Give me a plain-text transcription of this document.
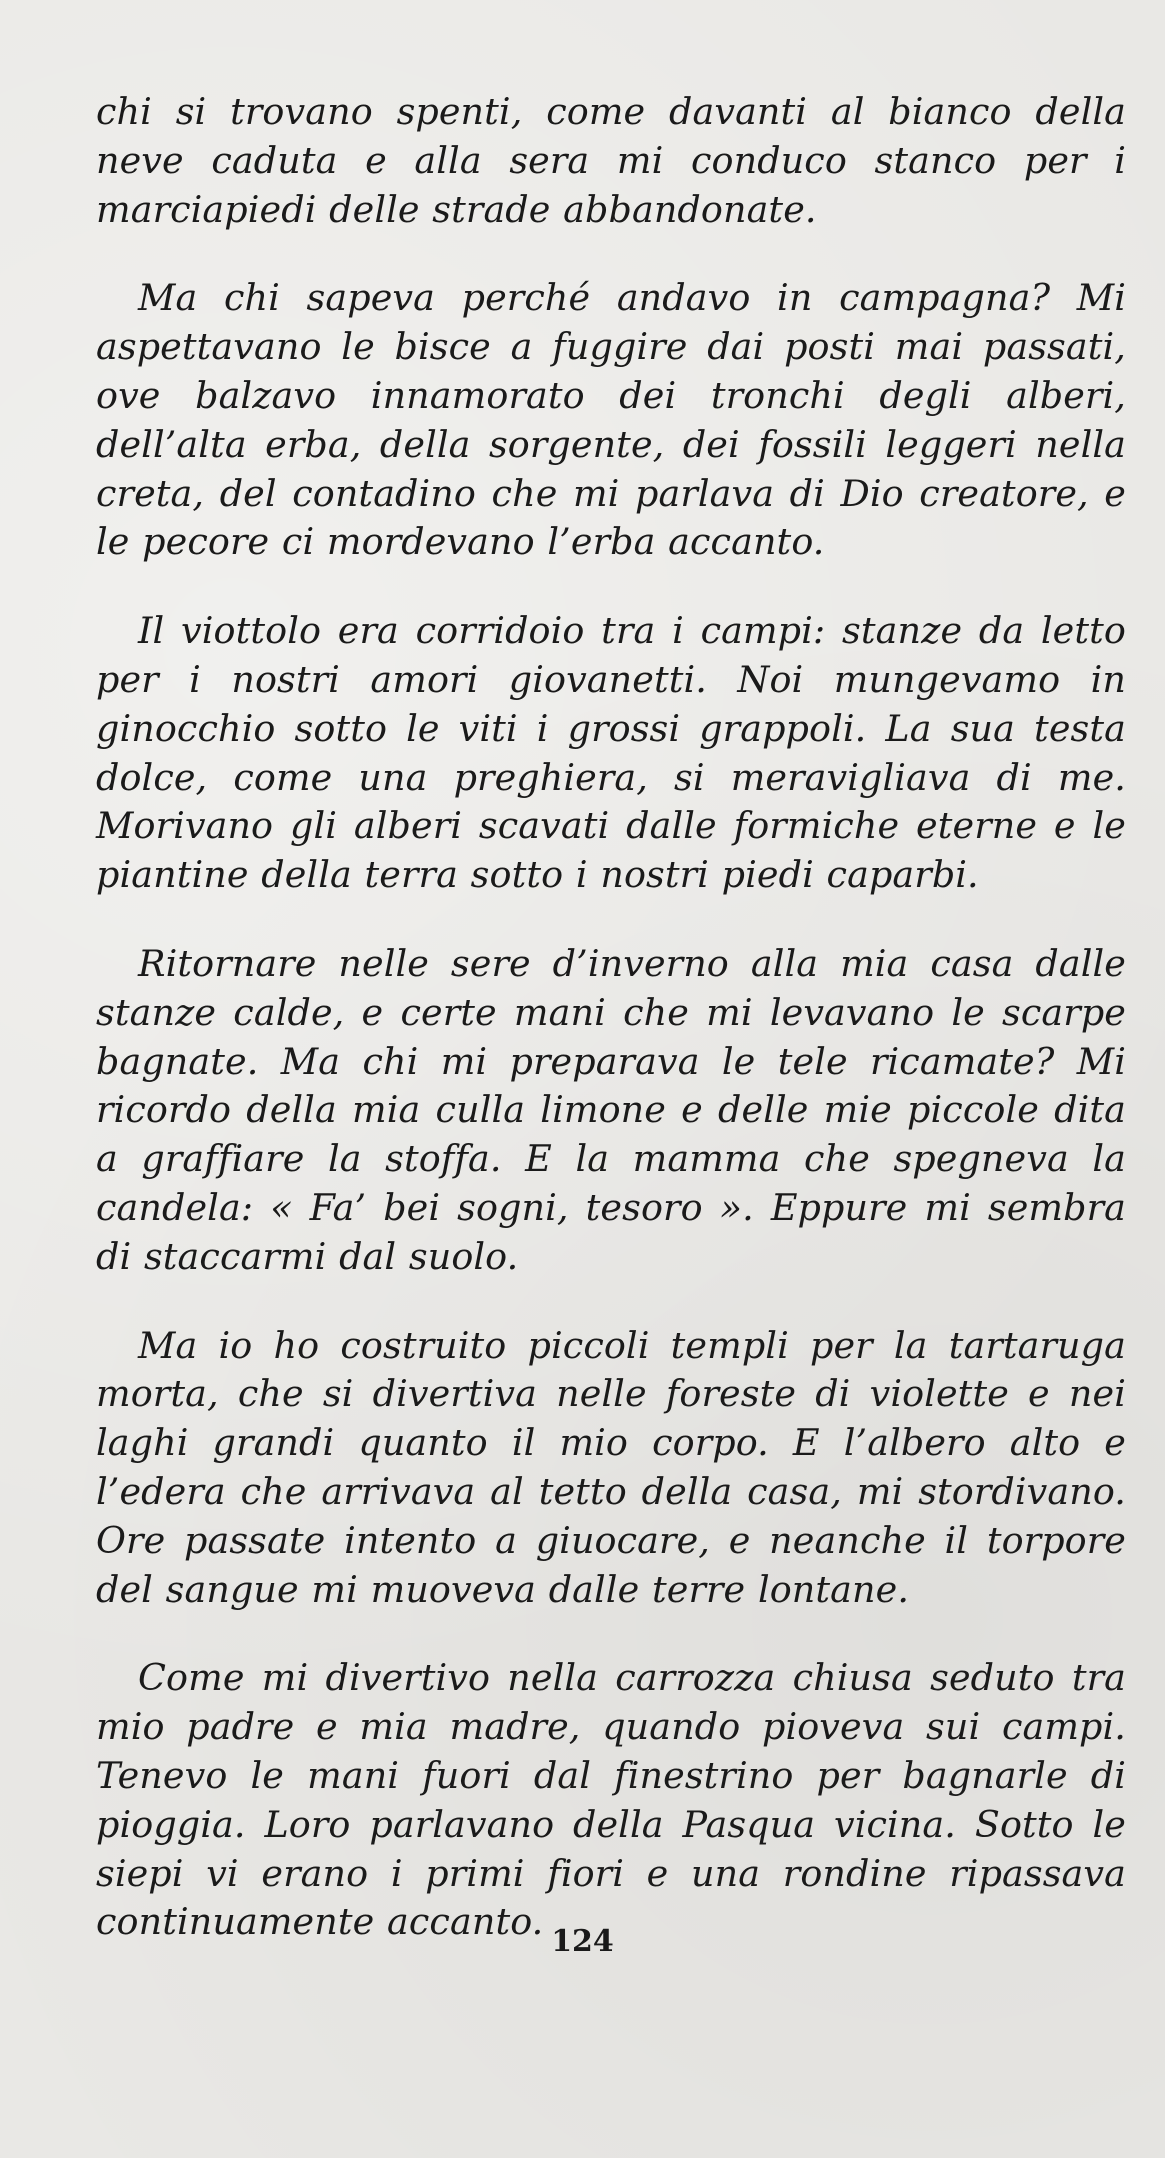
chi si trovano spenti, come davanti al bianco della neve caduta e alla sera mi conduco stanco per i marciapiedi delle strade abbandonate.

Ma chi sapeva perché andavo in campagna? Mi aspettavano le bisce a fuggire dai posti mai passati, ove balzavo innamorato dei tronchi degli alberi, dell’alta erba, della sorgente, dei fossili leggeri nella creta, del contadino che mi parlava di Dio creatore, e le pecore ci mordevano l’erba accanto.

Il viottolo era corridoio tra i campi: stanze da letto per i nostri amori giovanetti. Noi mungevamo in ginocchio sotto le viti i grossi grappoli. La sua testa dolce, come una preghiera, si meravigliava di me. Morivano gli alberi scavati dalle formiche eterne e le piantine della terra sotto i nostri piedi caparbi.

Ritornare nelle sere d’inverno alla mia casa dalle stanze calde, e certe mani che mi levavano le scarpe bagnate. Ma chi mi preparava le tele ricamate? Mi ricordo della mia culla limone e delle mie piccole dita a graffiare la stoffa. E la mamma che spegneva la candela: « Fa’ bei sogni, tesoro ». Eppure mi sembra di staccarmi dal suolo.

Ma io ho costruito piccoli templi per la tartaruga morta, che si divertiva nelle foreste di violette e nei laghi grandi quanto il mio corpo. E l’albero alto e l’edera che arrivava al tetto della casa, mi stordivano. Ore passate intento a giuocare, e neanche il torpore del sangue mi muoveva dalle terre lontane.

Come mi divertivo nella carrozza chiusa seduto tra mio padre e mia madre, quando pioveva sui campi. Tenevo le mani fuori dal finestrino per bagnarle di pioggia. Loro parlavano della Pasqua vicina. Sotto le siepi vi erano i primi fiori e una rondine ripassava continuamente accanto. 124
